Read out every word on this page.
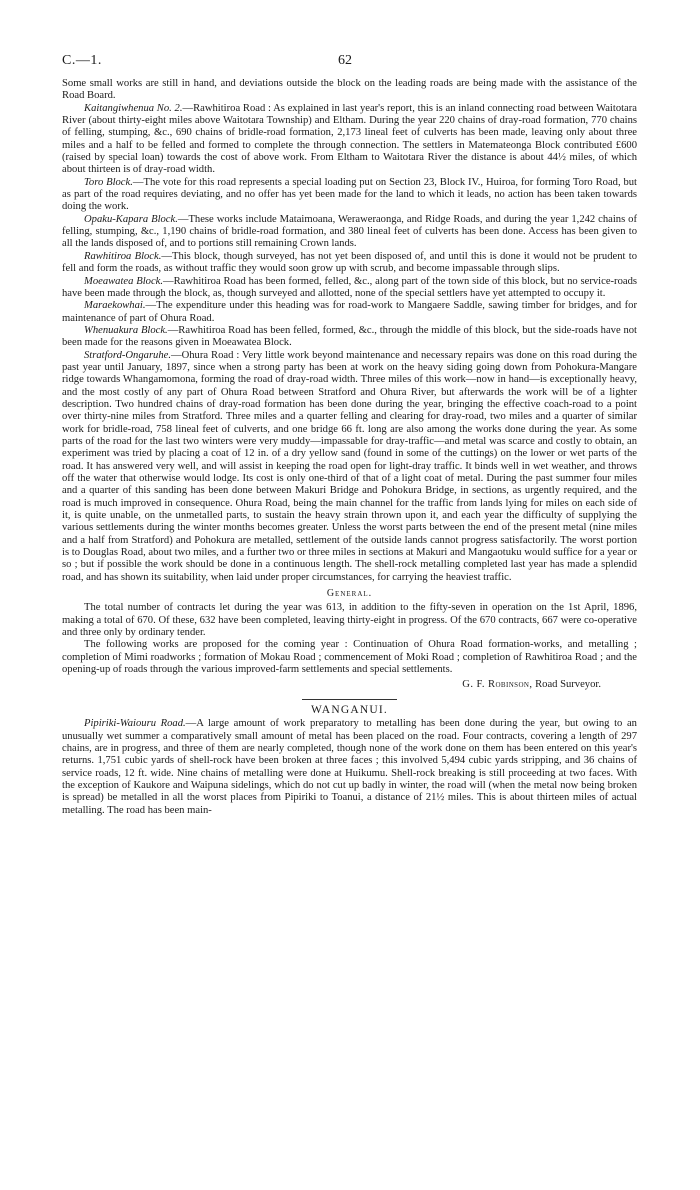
C.—1.	62

Some small works are still in hand, and deviations outside the block on the leading roads are being made with the assistance of the Road Board.

Kaitangiwhenua No. 2.—Rawhitiroa Road : As explained in last year's report, this is an inland connecting road between Waitotara River (about thirty-eight miles above Waitotara Township) and Eltham. During the year 220 chains of dray-road formation, 770 chains of felling, stumping, &c., 690 chains of bridle-road formation, 2,173 lineal feet of culverts has been made, leaving only about three miles and a half to be felled and formed to complete the through connection. The settlers in Matemateonga Block contributed £600 (raised by special loan) towards the cost of above work. From Eltham to Waitotara River the distance is about 44½ miles, of which about thirteen is of dray-road width.

Toro Block.—The vote for this road represents a special loading put on Section 23, Block IV., Huiroa, for forming Toro Road, but as part of the road requires deviating, and no offer has yet been made for the land to which it leads, no action has been taken towards doing the work.

Opaku-Kapara Block.—These works include Mataimoana, Weraweraonga, and Ridge Roads, and during the year 1,242 chains of felling, stumping, &c., 1,190 chains of bridle-road formation, and 380 lineal feet of culverts has been done. Access has been given to all the lands disposed of, and to portions still remaining Crown lands.

Rawhitiroa Block.—This block, though surveyed, has not yet been disposed of, and until this is done it would not be prudent to fell and form the roads, as without traffic they would soon grow up with scrub, and become impassable through slips.

Moeawatea Block.—Rawhitiroa Road has been formed, felled, &c., along part of the town side of this block, but no service-roads have been made through the block, as, though surveyed and allotted, none of the special settlers have yet attempted to occupy it.

Maraekowhai.—The expenditure under this heading was for road-work to Mangaere Saddle, sawing timber for bridges, and for maintenance of part of Ohura Road.

Whenuakura Block.—Rawhitiroa Road has been felled, formed, &c., through the middle of this block, but the side-roads have not been made for the reasons given in Moeawatea Block.

Stratford-Ongaruhe.—Ohura Road : Very little work beyond maintenance and necessary repairs was done on this road during the past year until January, 1897, since when a strong party has been at work on the heavy siding going down from Pohokura-Mangare ridge towards Whangamomona, forming the road of dray-road width. Three miles of this work—now in hand—is exceptionally heavy, and the most costly of any part of Ohura Road between Stratford and Ohura River, but afterwards the work will be of a lighter description. Two hundred chains of dray-road formation has been done during the year, bringing the effective coach-road to a point over thirty-nine miles from Stratford. Three miles and a quarter felling and clearing for dray-road, two miles and a quarter of similar work for bridle-road, 758 lineal feet of culverts, and one bridge 66 ft. long are also among the works done during the year. As some parts of the road for the last two winters were very muddy—impassable for dray-traffic—and metal was scarce and costly to obtain, an experiment was tried by placing a coat of 12 in. of a dry yellow sand (found in some of the cuttings) on the lower or wet parts of the road. It has answered very well, and will assist in keeping the road open for light-dray traffic. It binds well in wet weather, and throws off the water that otherwise would lodge. Its cost is only one-third of that of a light coat of metal. During the past summer four miles and a quarter of this sanding has been done between Makuri Bridge and Pohokura Bridge, in sections, as urgently required, and the road is much improved in consequence. Ohura Road, being the main channel for the traffic from lands lying for miles on each side of it, is quite unable, on the unmetalled parts, to sustain the heavy strain thrown upon it, and each year the difficulty of supplying the various settlements during the winter months becomes greater. Unless the worst parts between the end of the present metal (nine miles and a half from Stratford) and Pohokura are metalled, settlement of the outside lands cannot progress satisfactorily. The worst portion is to Douglas Road, about two miles, and a further two or three miles in sections at Makuri and Mangaotuku would suffice for a year or so ; but if possible the work should be done in a continuous length. The shell-rock metalling completed last year has made a splendid road, and has shown its suitability, when laid under proper circumstances, for carrying the heaviest traffic.

General.

The total number of contracts let during the year was 613, in addition to the fifty-seven in operation on the 1st April, 1896, making a total of 670. Of these, 632 have been completed, leaving thirty-eight in progress. Of the 670 contracts, 667 were co-operative and three only by ordinary tender.

The following works are proposed for the coming year : Continuation of Ohura Road formation-works, and metalling ; completion of Mimi roadworks ; formation of Mokau Road ; commencement of Moki Road ; completion of Rawhitiroa Road ; and the opening-up of roads through the various improved-farm settlements and special settlements.

G. F. Robinson, Road Surveyor.

WANGANUI.

Pipiriki-Waiouru Road.—A large amount of work preparatory to metalling has been done during the year, but owing to an unusually wet summer a comparatively small amount of metal has been placed on the road. Four contracts, covering a length of 297 chains, are in progress, and three of them are nearly completed, though none of the work done on them has been entered on this year's returns. 1,751 cubic yards of shell-rock have been broken at three faces ; this involved 5,494 cubic yards stripping, and 36 chains of service roads, 12 ft. wide. Nine chains of metalling were done at Huikumu. Shell-rock breaking is still proceeding at two faces. With the exception of Kaukore and Waipuna sidelings, which do not cut up badly in winter, the road will (when the metal now being broken is spread) be metalled in all the worst places from Pipiriki to Toanui, a distance of 21½ miles. This is about thirteen miles of actual metalling. The road has been main-
